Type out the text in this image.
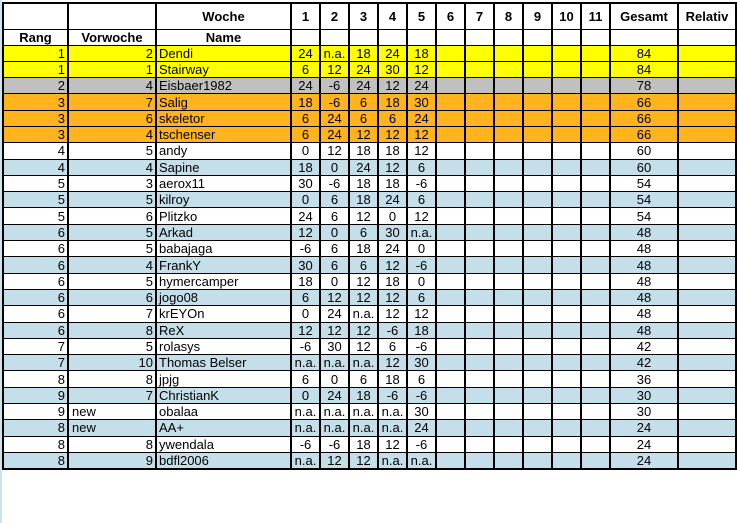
		Woche	1	2	3	4	5	6	7	8	9	10	11	Gesamt	Relativ
Rang	Vorwoche	Name													
1	2	Dendi	24	n.a.	18	24	18							84	
1	1	Stairway	6	12	24	30	12							84	
2	4	Eisbaer1982	24	-6	24	12	24							78	
3	7	Salig	18	-6	6	18	30							66	
3	6	skeletor	6	24	6	6	24							66	
3	4	tschenser	6	24	12	12	12							66	
4	5	andy	0	12	18	18	12							60	
4	4	Sapine	18	0	24	12	6							60	
5	3	aerox11	30	-6	18	18	-6							54	
5	5	kilroy	0	6	18	24	6							54	
5	6	Plitzko	24	6	12	0	12							54	
6	5	Arkad	12	0	6	30	n.a.							48	
6	5	babajaga	-6	6	18	24	0							48	
6	4	FrankY	30	6	6	12	-6							48	
6	5	hymercamper	18	0	12	18	0							48	
6	6	jogo08	6	12	12	12	6							48	
6	7	krEYOn	0	24	n.a.	12	12							48	
6	8	ReX	12	12	12	-6	18							48	
7	5	rolasys	-6	30	12	6	-6							42	
7	10	Thomas Belser	n.a.	n.a.	n.a.	12	30							42	
8	8	jpjg	6	0	6	18	6							36	
9	7	ChristianK	0	24	18	-6	-6							30	
9	new	obalaa	n.a.	n.a.	n.a.	n.a.	30							30	
8	new	AA+	n.a.	n.a.	n.a.	n.a.	24							24	
8	8	ywendala	-6	-6	18	12	-6							24	
8	9	bdfl2006	n.a.	12	12	n.a.	n.a.							24	
